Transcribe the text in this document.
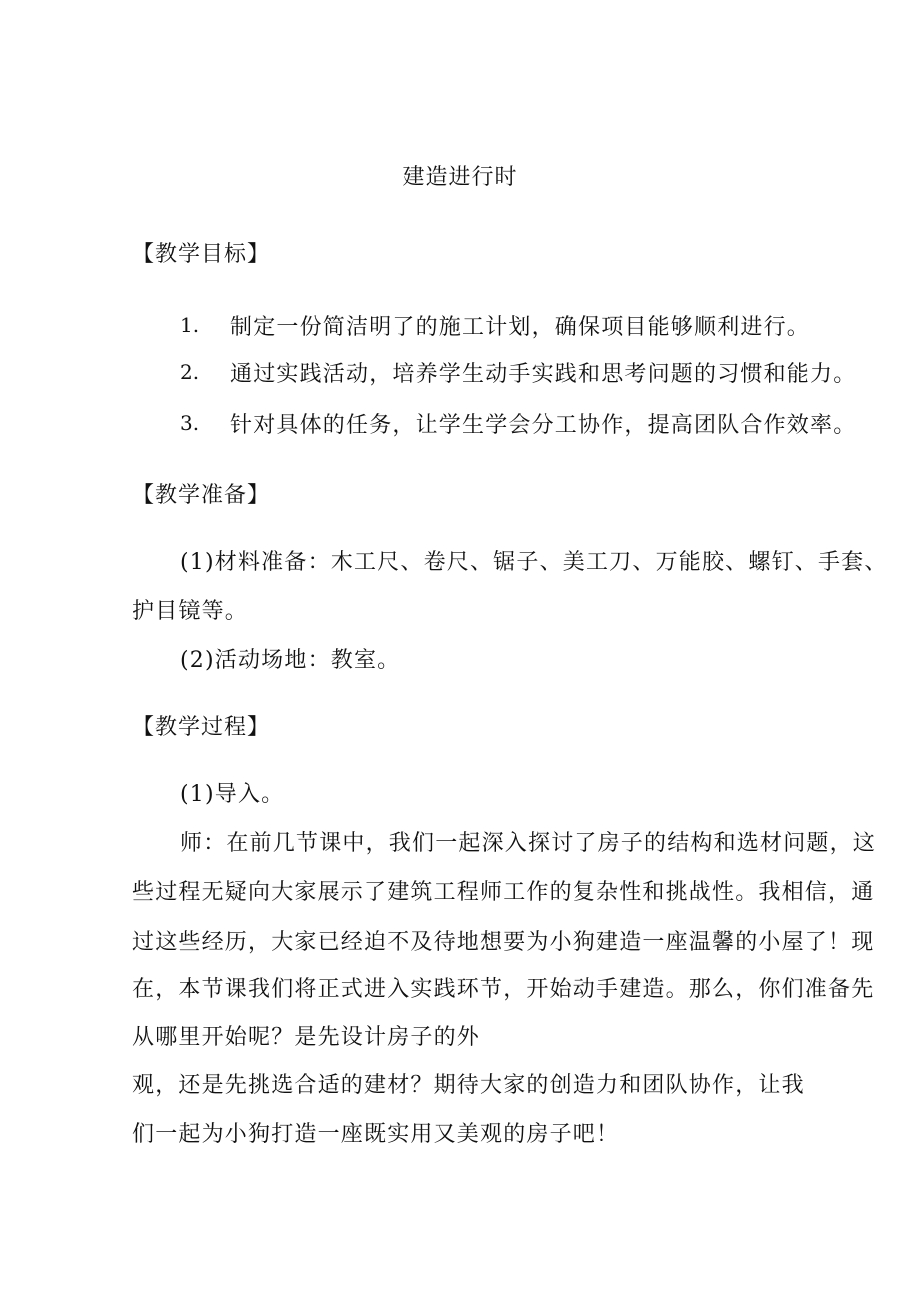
建造进行时
【教学目标】
1. 制定一份简洁明了的施工计划，确保项目能够顺利进行。
2. 通过实践活动，培养学生动手实践和思考问题的习惯和能力。
3. 针对具体的任务，让学生学会分工协作，提高团队合作效率。
【教学准备】
(1)材料准备：木工尺、卷尺、锯子、美工刀、万能胶、螺钉、手套、
护目镜等。
(2)活动场地：教室。
【教学过程】
(1)导入。
师：在前几节课中，我们一起深入探讨了房子的结构和选材问题，这
些过程无疑向大家展示了建筑工程师工作的复杂性和挑战性。我相信，通
过这些经历，大家已经迫不及待地想要为小狗建造一座温馨的小屋了！现
在，本节课我们将正式进入实践环节，开始动手建造。那么，你们准备先
从哪里开始呢？是先设计房子的外
观，还是先挑选合适的建材？期待大家的创造力和团队协作，让我
们一起为小狗打造一座既实用又美观的房子吧！
